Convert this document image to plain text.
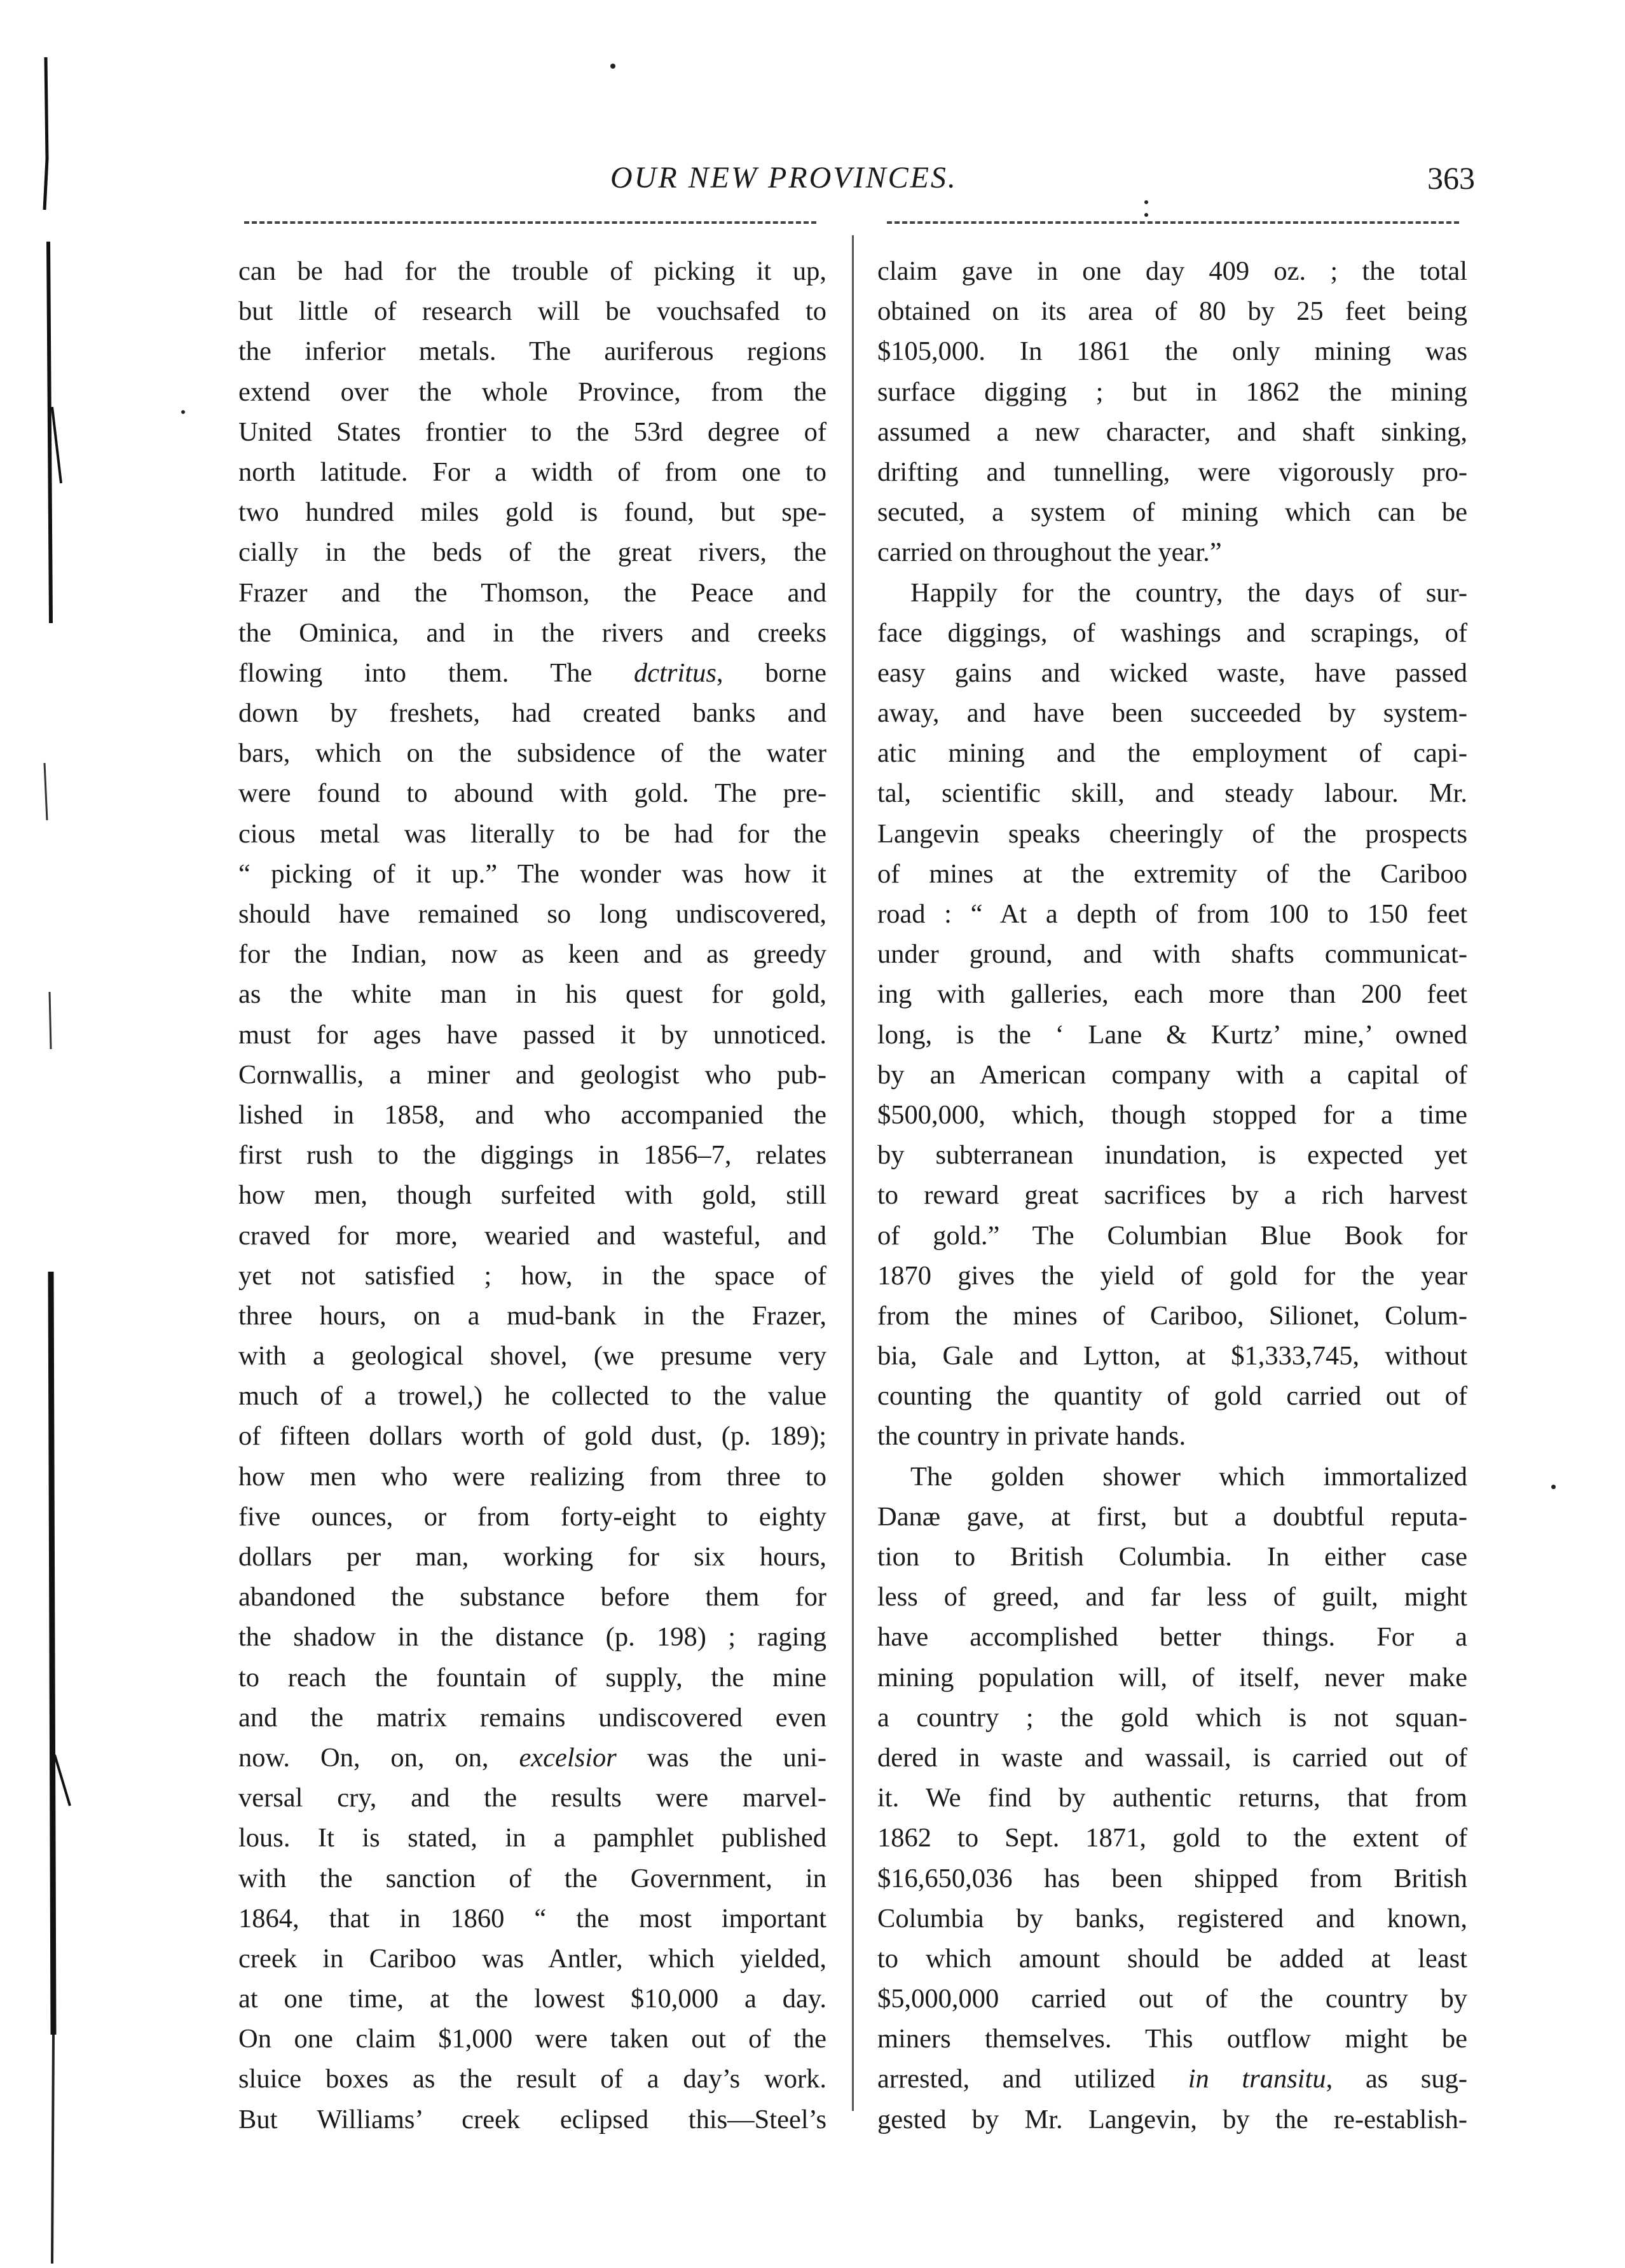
OUR NEW PROVINCES.	363
can be had for the trouble of picking it up,
but little of research will be vouchsafed to
the inferior metals. The auriferous regions
extend over the whole Province, from the
United States frontier to the 53rd degree of
north latitude. For a width of from one to
two hundred miles gold is found, but spe-
cially in the beds of the great rivers, the
Frazer and the Thomson, the Peace and
the Ominica, and in the rivers and creeks
flowing into them. The dctritus, borne
down by freshets, had created banks and
bars, which on the subsidence of the water
were found to abound with gold. The pre-
cious metal was literally to be had for the
“ picking of it up.” The wonder was how it
should have remained so long undiscovered,
for the Indian, now as keen and as greedy
as the white man in his quest for gold,
must for ages have passed it by unnoticed.
Cornwallis, a miner and geologist who pub-
lished in 1858, and who accompanied the
first rush to the diggings in 1856–7, relates
how men, though surfeited with gold, still
craved for more, wearied and wasteful, and
yet not satisfied ; how, in the space of
three hours, on a mud-bank in the Frazer,
with a geological shovel, (we presume very
much of a trowel,) he collected to the value
of fifteen dollars worth of gold dust, (p. 189);
how men who were realizing from three to
five ounces, or from forty-eight to eighty
dollars per man, working for six hours,
abandoned the substance before them for
the shadow in the distance (p. 198) ; raging
to reach the fountain of supply, the mine
and the matrix remains undiscovered even
now. On, on, on, excelsior was the uni-
versal cry, and the results were marvel-
lous. It is stated, in a pamphlet published
with the sanction of the Government, in
1864, that in 1860 “ the most important
creek in Cariboo was Antler, which yielded,
at one time, at the lowest $10,000 a day.
On one claim $1,000 were taken out of the
sluice boxes as the result of a day’s work.
But Williams’ creek eclipsed this—Steel’s
claim gave in one day 409 oz. ; the total
obtained on its area of 80 by 25 feet being
$105,000. In 1861 the only mining was
surface digging ; but in 1862 the mining
assumed a new character, and shaft sinking,
drifting and tunnelling, were vigorously pro-
secuted, a system of mining which can be
carried on throughout the year.”
Happily for the country, the days of sur-
face diggings, of washings and scrapings, of
easy gains and wicked waste, have passed
away, and have been succeeded by system-
atic mining and the employment of capi-
tal, scientific skill, and steady labour. Mr.
Langevin speaks cheeringly of the prospects
of mines at the extremity of the Cariboo
road : “ At a depth of from 100 to 150 feet
under ground, and with shafts communicat-
ing with galleries, each more than 200 feet
long, is the ‘ Lane & Kurtz’ mine,’ owned
by an American company with a capital of
$500,000, which, though stopped for a time
by subterranean inundation, is expected yet
to reward great sacrifices by a rich harvest
of gold.” The Columbian Blue Book for
1870 gives the yield of gold for the year
from the mines of Cariboo, Silionet, Colum-
bia, Gale and Lytton, at $1,333,745, without
counting the quantity of gold carried out of
the country in private hands.
The golden shower which immortalized
Danæ gave, at first, but a doubtful reputa-
tion to British Columbia. In either case
less of greed, and far less of guilt, might
have accomplished better things. For a
mining population will, of itself, never make
a country ; the gold which is not squan-
dered in waste and wassail, is carried out of
it. We find by authentic returns, that from
1862 to Sept. 1871, gold to the extent of
$16,650,036 has been shipped from British
Columbia by banks, registered and known,
to which amount should be added at least
$5,000,000 carried out of the country by
miners themselves. This outflow might be
arrested, and utilized in transitu, as sug-
gested by Mr. Langevin, by the re-establish-
